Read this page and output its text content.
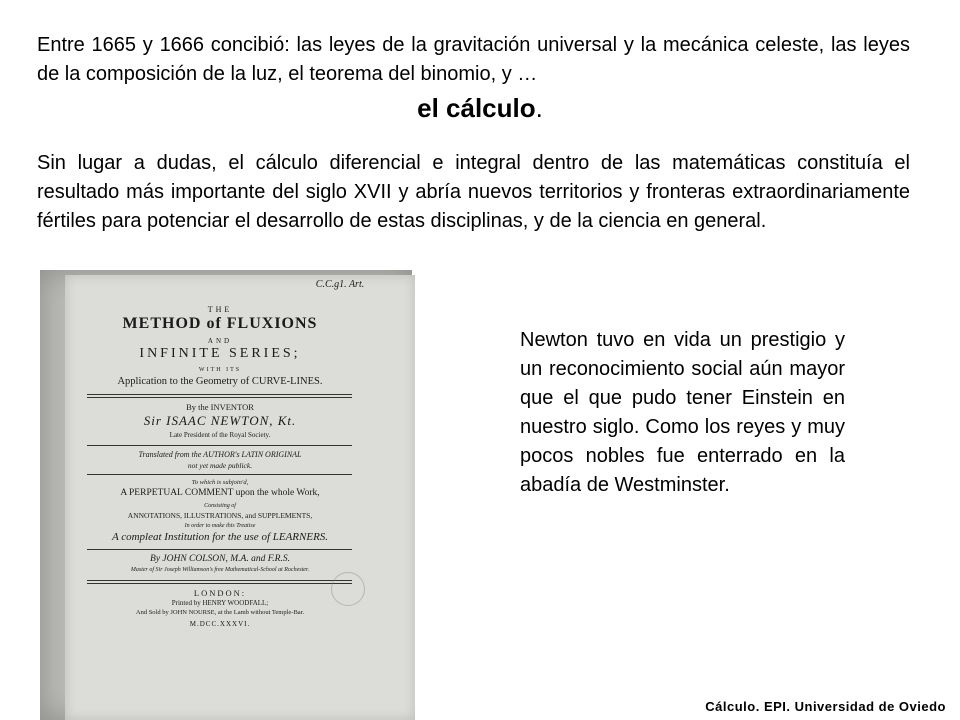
Entre 1665 y 1666 concibió: las leyes de la gravitación universal y la mecánica celeste, las leyes de la composición de la luz, el teorema del binomio, y …
el cálculo.
Sin lugar a dudas, el cálculo diferencial e integral dentro de las matemáticas constituía el resultado más importante del siglo XVII y abría nuevos territorios y fronteras extraordinariamente fértiles para potenciar el desarrollo de estas disciplinas, y de la ciencia en general.
C.C.g1. Art.
THE
METHOD of FLUXIONS
AND
INFINITE SERIES;
WITH ITS
Application to the Geometry of CURVE-LINES.
By the INVENTOR
Sir ISAAC NEWTON, Kt.
Late President of the Royal Society.
Translated from the AUTHOR's LATIN ORIGINAL
not yet made publick.
To which is subjoin'd,
A PERPETUAL COMMENT upon the whole Work,
Consisting of
ANNOTATIONS, ILLUSTRATIONS, and SUPPLEMENTS,
In order to make this Treatise
A compleat Institution for the use of LEARNERS.
By JOHN COLSON, M.A. and F.R.S.
Master of Sir Joseph Williamson's free Mathematical-School at Rochester.
LONDON:
Printed by HENRY WOODFALL;
And Sold by JOHN NOURSE, at the Lamb without Temple-Bar.
M.DCC.XXXVI.
Newton tuvo en vida un prestigio y un reconocimiento social aún mayor que el que pudo tener Einstein en nuestro siglo. Como los reyes y muy pocos nobles fue enterrado en la abadía de Westminster.
Cálculo. EPI. Universidad de Oviedo
